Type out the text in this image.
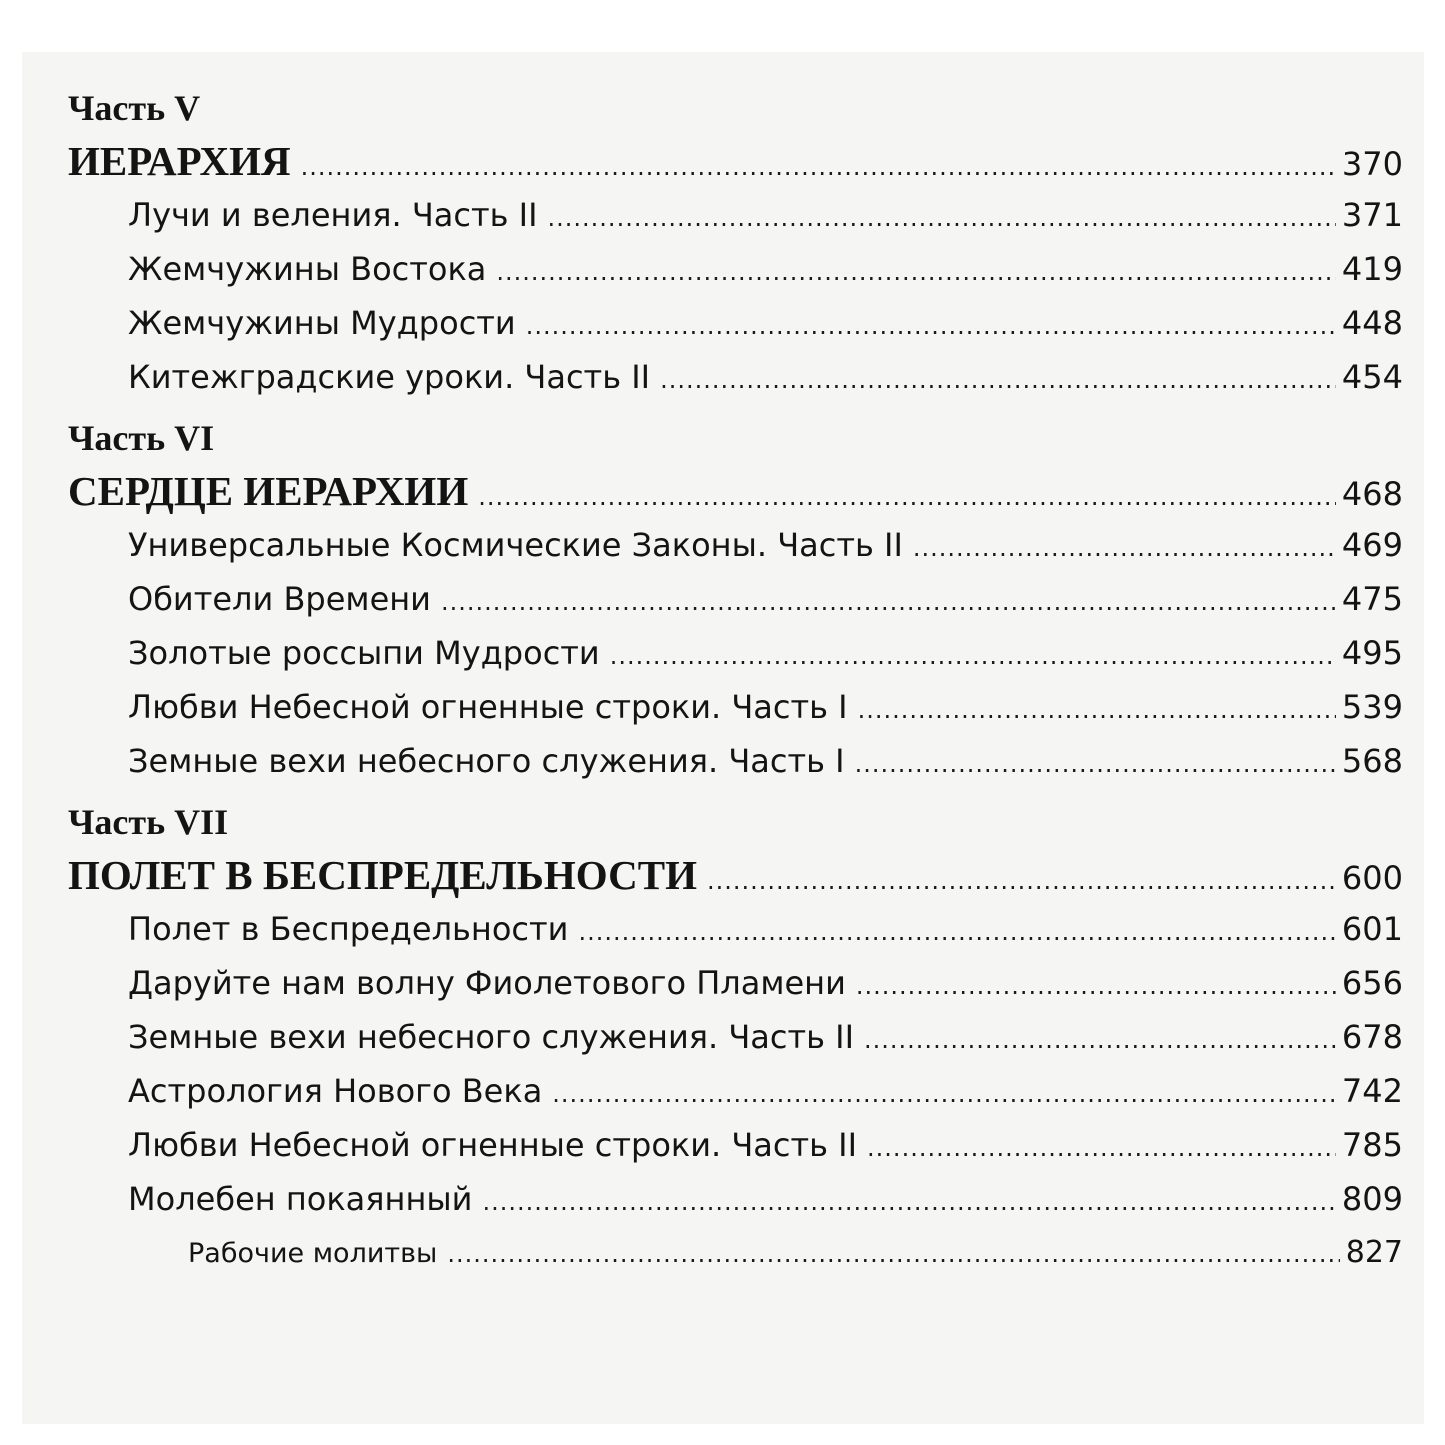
Часть V
ИЕРАРХИЯ .....	370
Лучи и веления. Часть II .....	371
Жемчужины Востока .....	419
Жемчужины Мудрости .....	448
Китежградские уроки. Часть II .....	454
Часть VI
СЕРДЦЕ ИЕРАРХИИ .....	468
Универсальные Космические Законы. Часть II .....	469
Обители Времени .....	475
Золотые россыпи Мудрости .....	495
Любви Небесной огненные строки. Часть I .....	539
Земные вехи небесного служения. Часть I .....	568
Часть VII
ПОЛЕТ В БЕСПРЕДЕЛЬНОСТИ .....	600
Полет в Беспредельности .....	601
Даруйте нам волну Фиолетового Пламени .....	656
Земные вехи небесного служения. Часть II .....	678
Астрология Нового Века .....	742
Любви Небесной огненные строки. Часть II .....	785
Молебен покаянный .....	809
Рабочие молитвы .....	827
